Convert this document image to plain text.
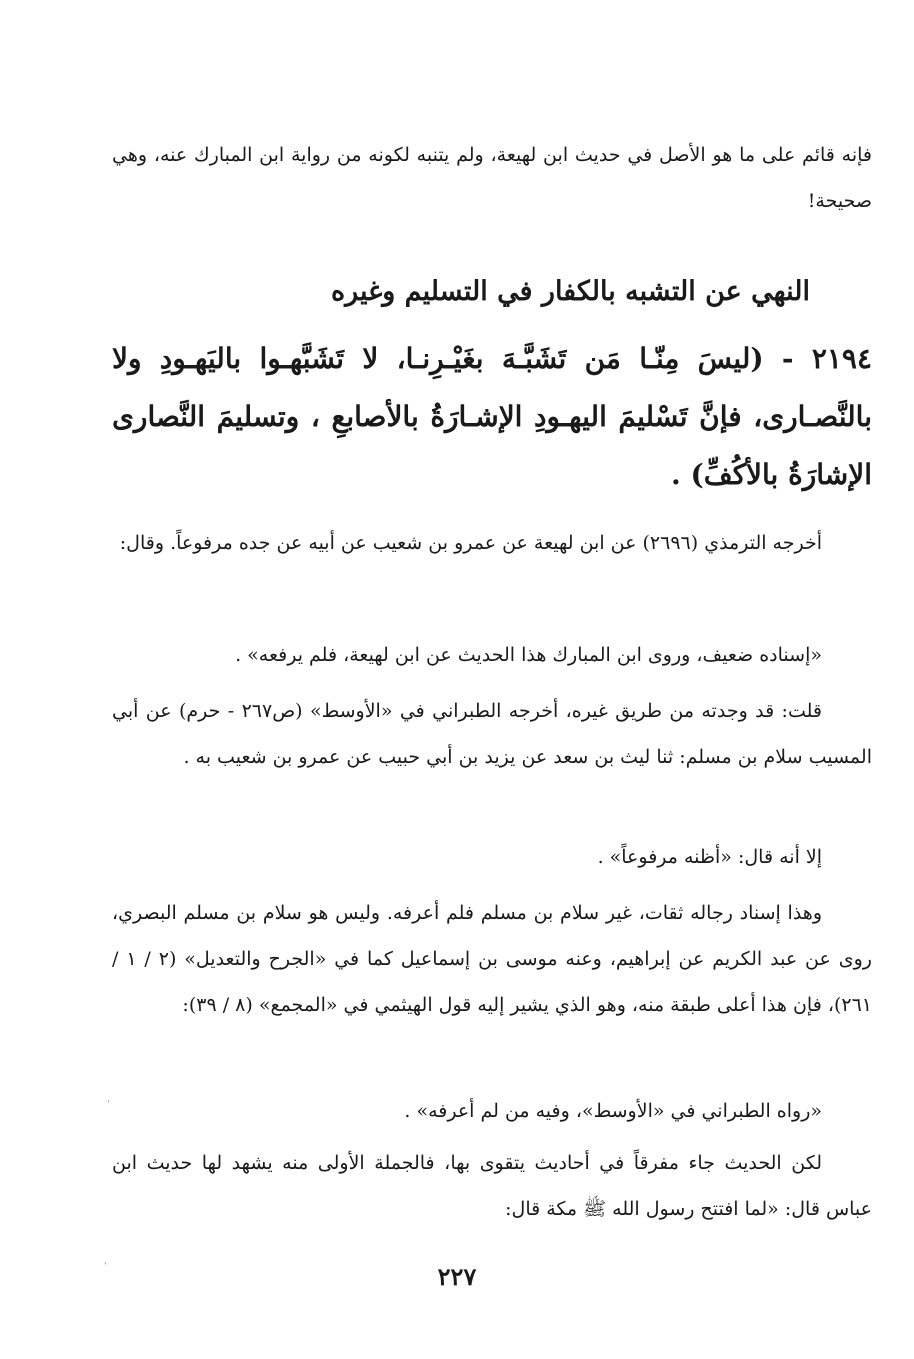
فإنه قائم على ما هو الأصل في حديث ابن لهيعة، ولم يتنبه لكونه من رواية ابن المبارك عنه، وهي صحيحة!

النهي عن التشبه بالكفار في التسليم وغيره

٢١٩٤ - (ليسَ مِنّـا مَن تَشَبَّـهَ بغَيْـرِنـا، لا تَشَبَّهـوا باليَهـودِ ولا بالنَّصـارى، فإنَّ تَسْليمَ اليهـودِ الإشـارَةُ بالأصابعِ ، وتسليمَ النَّصارى الإشارَةُ بالأكُفِّ) .

أخرجه الترمذي (٢٦٩٦) عن ابن لهيعة عن عمرو بن شعيب عن أبيه عن جده مرفوعاً. وقال:

«إسناده ضعيف، وروى ابن المبارك هذا الحديث عن ابن لهيعة، فلم يرفعه» .

قلت: قد وجدته من طريق غيره، أخرجه الطبراني في «الأوسط» (ص٢٦٧ - حرم) عن أبي المسيب سلام بن مسلم: ثنا ليث بن سعد عن يزيد بن أبي حبيب عن عمرو بن شعيب به .

إلا أنه قال: «أظنه مرفوعاً» .

وهذا إسناد رجاله ثقات، غير سلام بن مسلم فلم أعرفه. وليس هو سلام بن مسلم البصري، روى عن عبد الكريم عن إبراهيم، وعنه موسى بن إسماعيل كما في «الجرح والتعديل» (٢ / ١ / ٢٦١)، فإن هذا أعلى طبقة منه، وهو الذي يشير إليه قول الهيثمي في «المجمع» (٨ / ٣٩):

«رواه الطبراني في «الأوسط»، وفيه من لم أعرفه» .

لكن الحديث جاء مفرقاً في أحاديث يتقوى بها، فالجملة الأولى منه يشهد لها حديث ابن عباس قال: «لما افتتح رسول الله ﷺ مكة قال:

٢٢٧
ˈ
ˈ
